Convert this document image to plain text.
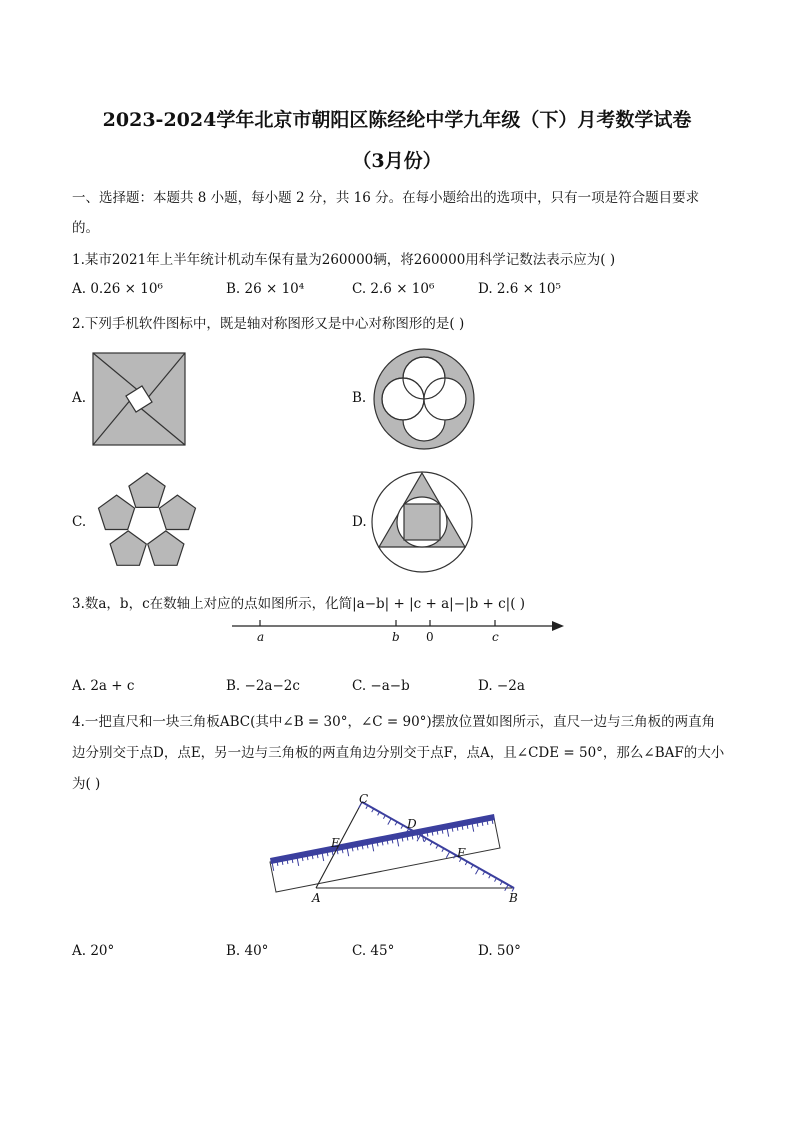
2023-2024学年北京市朝阳区陈经纶中学九年级（下）月考数学试卷
（3月份）
一、选择题：本题共 8 小题，每小题 2 分，共 16 分。在每小题给出的选项中，只有一项是符合题目要求
的。
1.某市2021年上半年统计机动车保有量为260000辆，将260000用科学记数法表示应为( )
A. 0.26 × 10⁶	B. 26 × 10⁴	C. 2.6 × 10⁶	D. 2.6 × 10⁵
2.下列手机软件图标中，既是轴对称图形又是中心对称图形的是( )
A.	B.
C.	D.
3.数a，b，c在数轴上对应的点如图所示，化简|a−b| + |c + a|−|b + c|( )
a	b 0	c
A. 2a + c	B. −2a−2c	C. −a−b	D. −2a
4.一把直尺和一块三角板ABC(其中∠B = 30°，∠C = 90°)摆放位置如图所示，直尺一边与三角板的两直角
边分别交于点D，点E，另一边与三角板的两直角边分别交于点F，点A，且∠CDE = 50°，那么∠BAF的大小
为( )
C
D
E
F
A	B
A. 20°	B. 40°	C. 45°	D. 50°
